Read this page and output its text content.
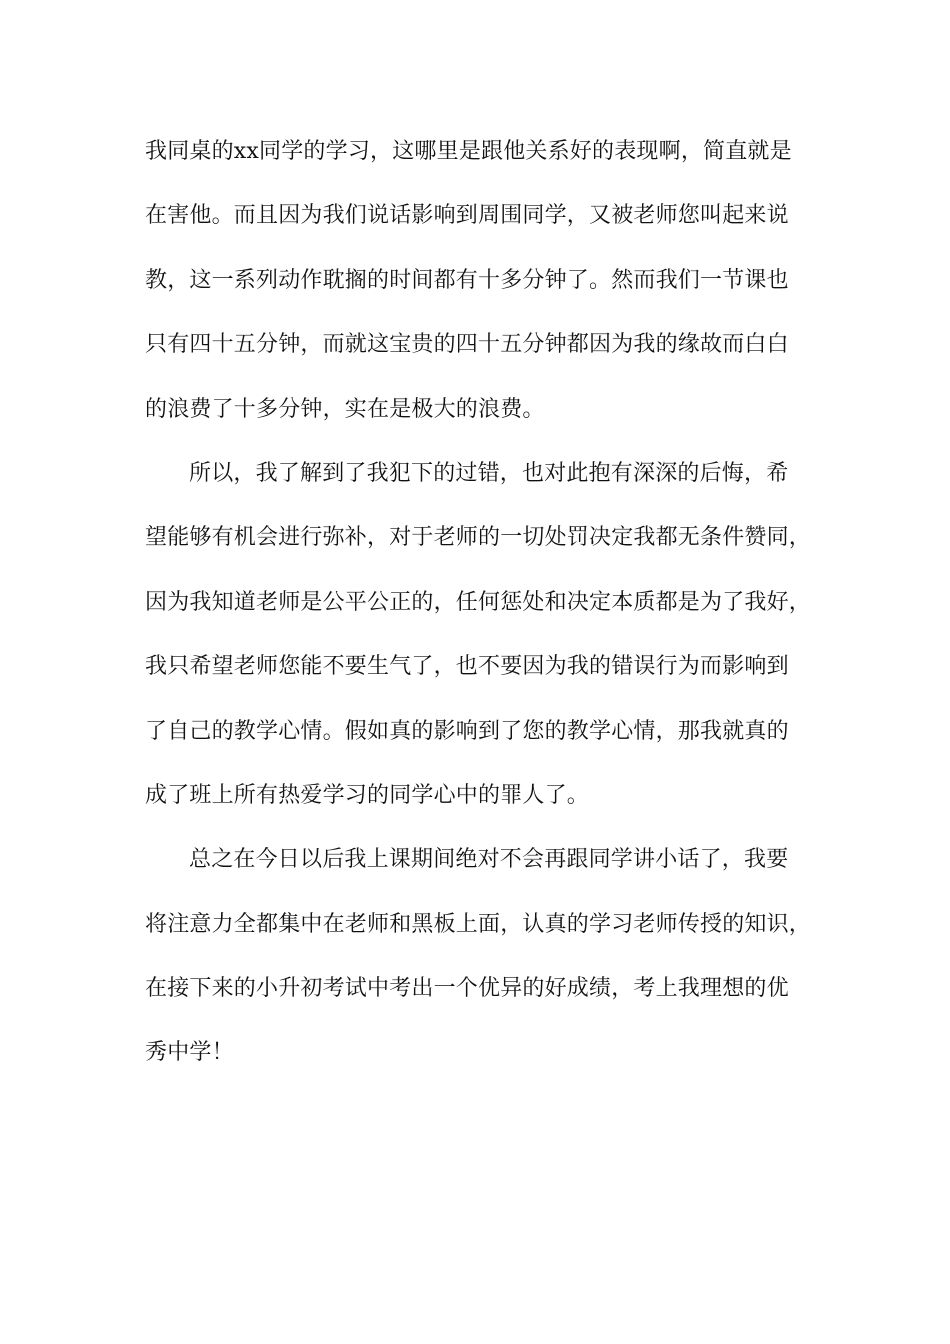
我同桌的xx同学的学习，这哪里是跟他关系好的表现啊，简直就是
在害他。而且因为我们说话影响到周围同学，又被老师您叫起来说
教，这一系列动作耽搁的时间都有十多分钟了。然而我们一节课也
只有四十五分钟，而就这宝贵的四十五分钟都因为我的缘故而白白
的浪费了十多分钟，实在是极大的浪费。
所以，我了解到了我犯下的过错，也对此抱有深深的后悔，希
望能够有机会进行弥补，对于老师的一切处罚决定我都无条件赞同，
因为我知道老师是公平公正的，任何惩处和决定本质都是为了我好，
我只希望老师您能不要生气了，也不要因为我的错误行为而影响到
了自己的教学心情。假如真的影响到了您的教学心情，那我就真的
成了班上所有热爱学习的同学心中的罪人了。
总之在今日以后我上课期间绝对不会再跟同学讲小话了，我要
将注意力全都集中在老师和黑板上面，认真的学习老师传授的知识，
在接下来的小升初考试中考出一个优异的好成绩，考上我理想的优
秀中学！
